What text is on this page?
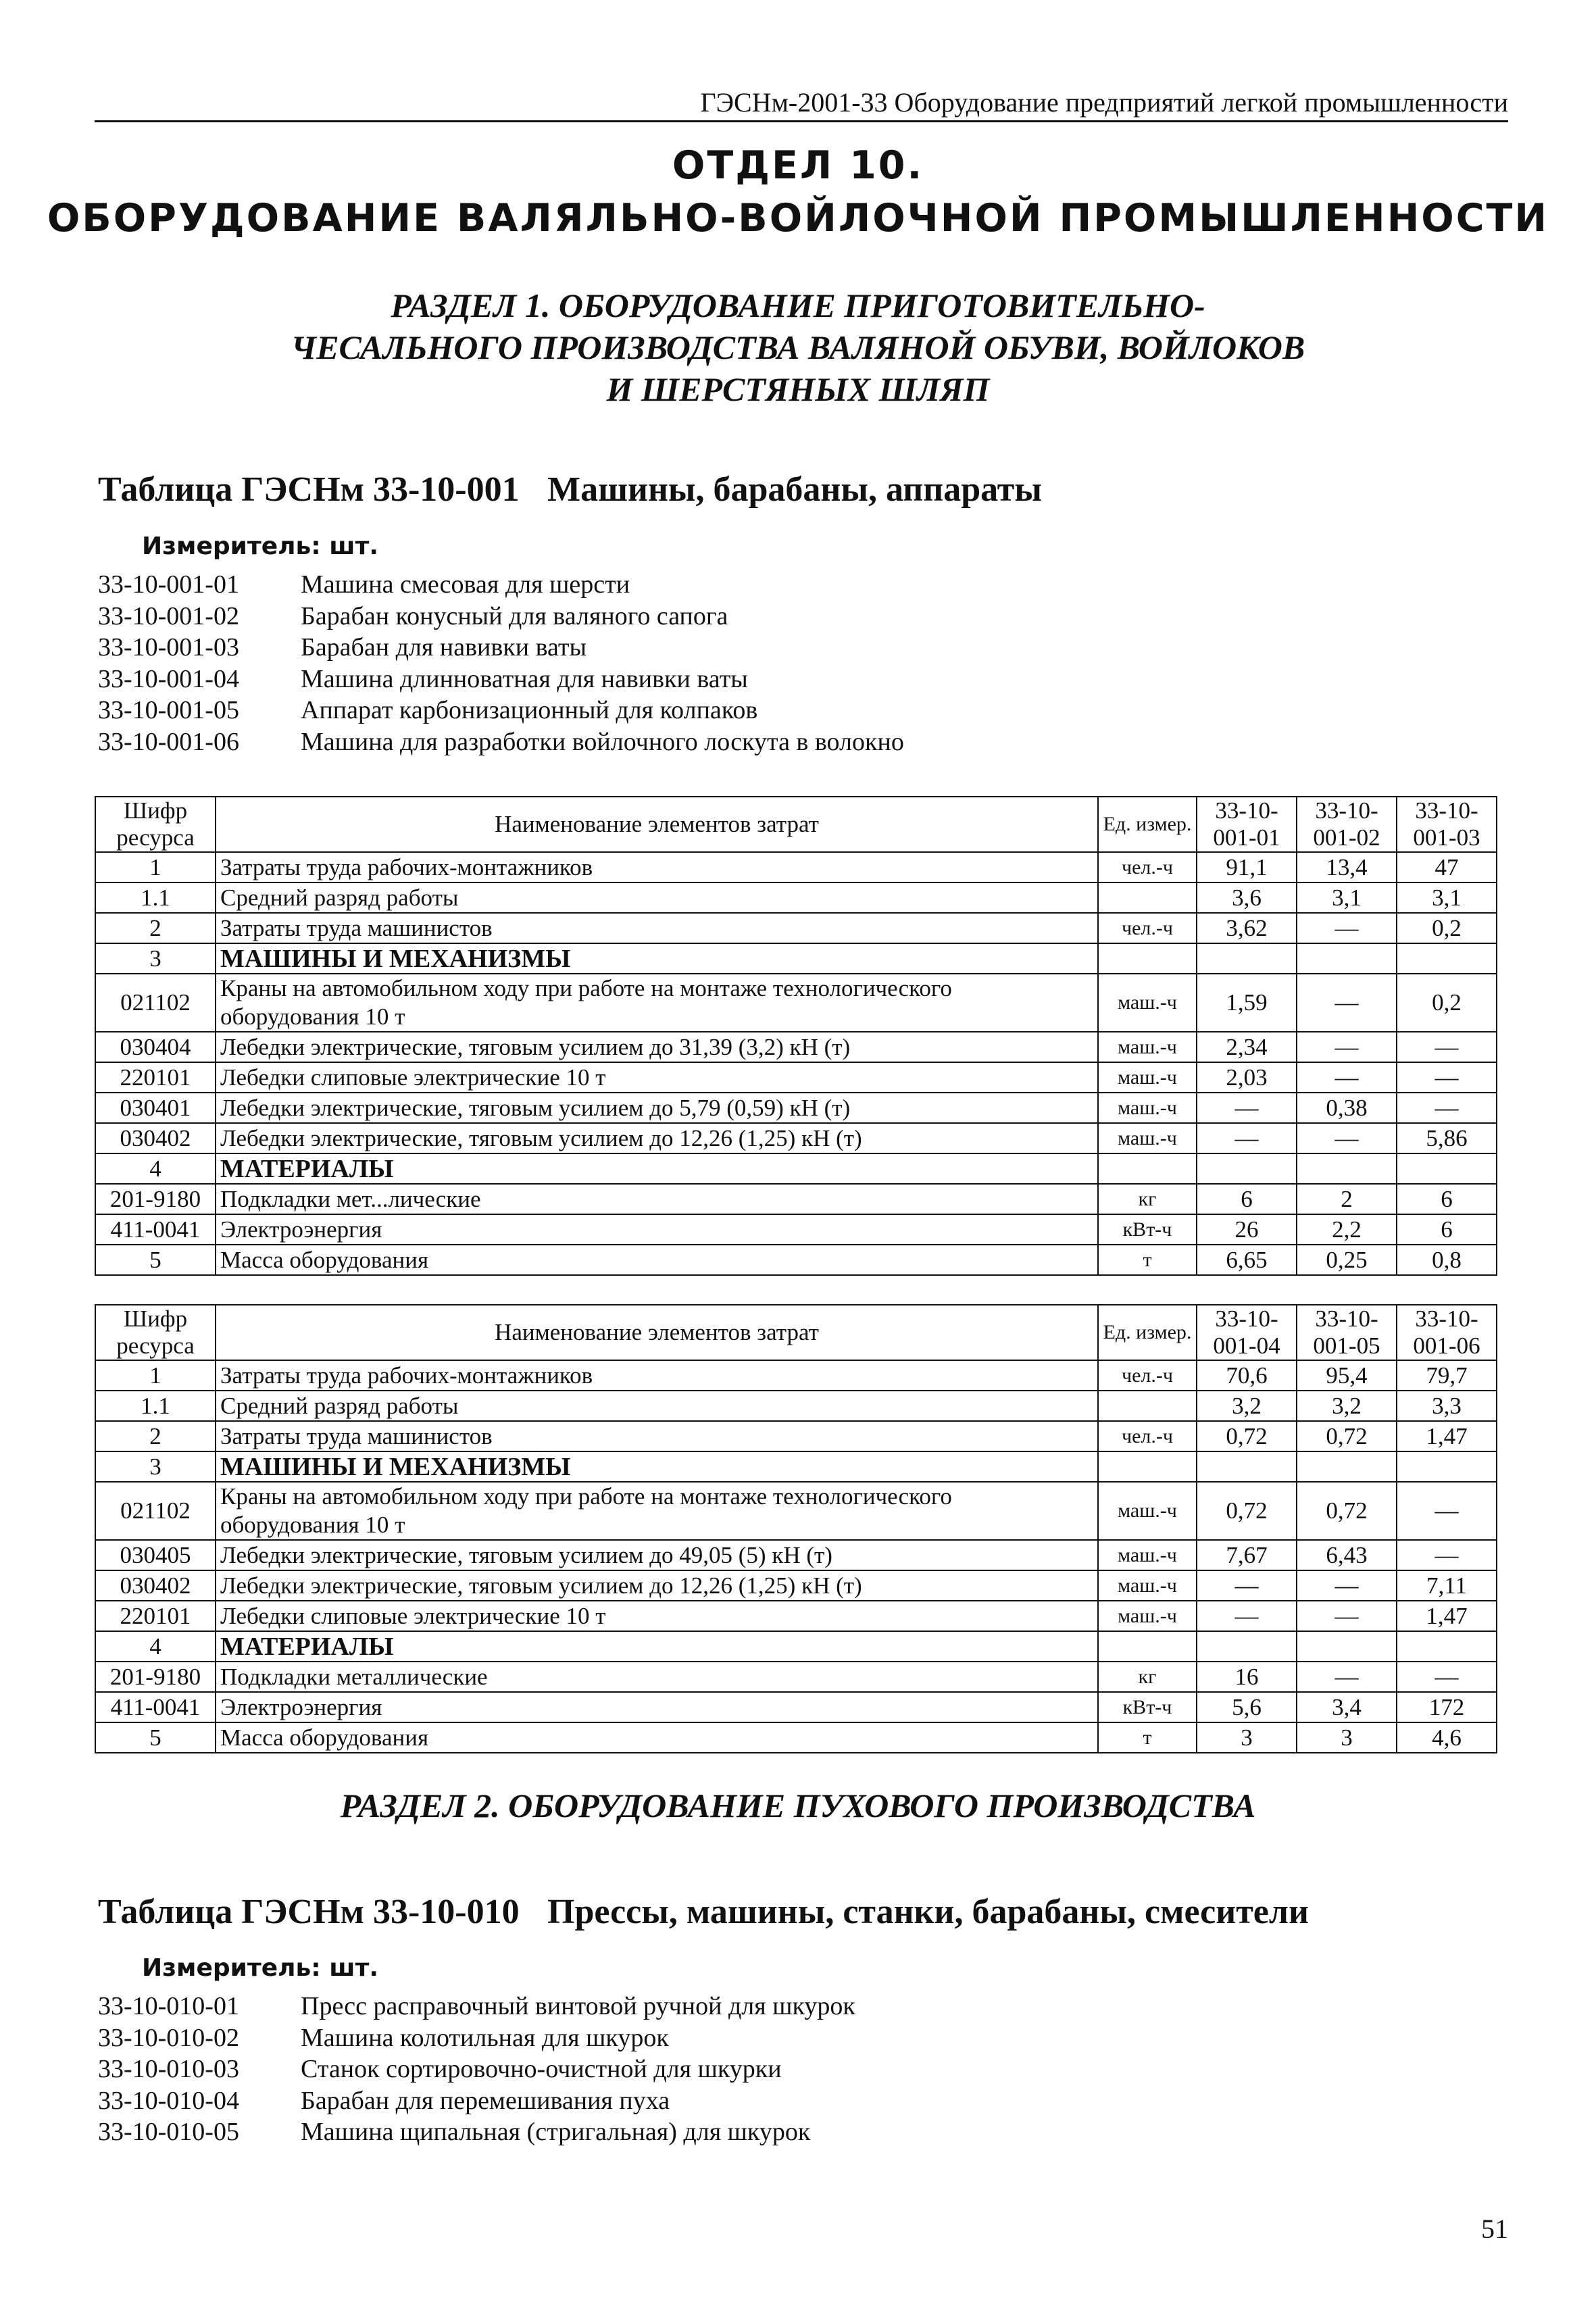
ГЭСНм-2001-33 Оборудование предприятий легкой промышленности
ОТДЕЛ 10.
ОБОРУДОВАНИЕ ВАЛЯЛЬНО-ВОЙЛОЧНОЙ ПРОМЫШЛЕННОСТИ
РАЗДЕЛ 1. ОБОРУДОВАНИЕ ПРИГОТОВИТЕЛЬНО-
ЧЕСАЛЬНОГО ПРОИЗВОДСТВА ВАЛЯНОЙ ОБУВИ, ВОЙЛОКОВ
И ШЕРСТЯНЫХ ШЛЯП
Таблица ГЭСНм 33-10-001 Машины, барабаны, аппараты
Измеритель: шт.
33-10-001-01 Машина смесовая для шерсти
33-10-001-02 Барабан конусный для валяного сапога
33-10-001-03 Барабан для навивки ваты
33-10-001-04 Машина длинноватная для навивки ваты
33-10-001-05 Аппарат карбонизационный для колпаков
33-10-001-06 Машина для разработки войлочного лоскута в волокно
Шифр ресурса	Наименование элементов затрат	Ед. измер.	33-10-001-01	33-10-001-02	33-10-001-03
1	Затраты труда рабочих-монтажников	чел.-ч	91,1	13,4	47
1.1	Средний разряд работы		3,6	3,1	3,1
2	Затраты труда машинистов	чел.-ч	3,62	—	0,2
3	МАШИНЫ И МЕХАНИЗМЫ				
021102	Краны на автомобильном ходу при работе на монтаже технологического оборудования 10 т	маш.-ч	1,59	—	0,2
030404	Лебедки электрические, тяговым усилием до 31,39 (3,2) кН (т)	маш.-ч	2,34	—	—
220101	Лебедки слиповые электрические 10 т	маш.-ч	2,03	—	—
030401	Лебедки электрические, тяговым усилием до 5,79 (0,59) кН (т)	маш.-ч	—	0,38	—
030402	Лебедки электрические, тяговым усилием до 12,26 (1,25) кН (т)	маш.-ч	—	—	5,86
4	МАТЕРИАЛЫ				
201-9180	Подкладки мет...лические	кг	6	2	6
411-0041	Электроэнергия	кВт-ч	26	2,2	6
5	Масса оборудования	т	6,65	0,25	0,8
Шифр ресурса	Наименование элементов затрат	Ед. измер.	33-10-001-04	33-10-001-05	33-10-001-06
1	Затраты труда рабочих-монтажников	чел.-ч	70,6	95,4	79,7
1.1	Средний разряд работы		3,2	3,2	3,3
2	Затраты труда машинистов	чел.-ч	0,72	0,72	1,47
3	МАШИНЫ И МЕХАНИЗМЫ				
021102	Краны на автомобильном ходу при работе на монтаже технологического оборудования 10 т	маш.-ч	0,72	0,72	—
030405	Лебедки электрические, тяговым усилием до 49,05 (5) кН (т)	маш.-ч	7,67	6,43	—
030402	Лебедки электрические, тяговым усилием до 12,26 (1,25) кН (т)	маш.-ч	—	—	7,11
220101	Лебедки слиповые электрические 10 т	маш.-ч	—	—	1,47
4	МАТЕРИАЛЫ				
201-9180	Подкладки металлические	кг	16	—	—
411-0041	Электроэнергия	кВт-ч	5,6	3,4	172
5	Масса оборудования	т	3	3	4,6
РАЗДЕЛ 2. ОБОРУДОВАНИЕ ПУХОВОГО ПРОИЗВОДСТВА
Таблица ГЭСНм 33-10-010 Прессы, машины, станки, барабаны, смесители
Измеритель: шт.
33-10-010-01 Пресс расправочный винтовой ручной для шкурок
33-10-010-02 Машина колотильная для шкурок
33-10-010-03 Станок сортировочно-очистной для шкурки
33-10-010-04 Барабан для перемешивания пуха
33-10-010-05 Машина щипальная (стригальная) для шкурок
51
